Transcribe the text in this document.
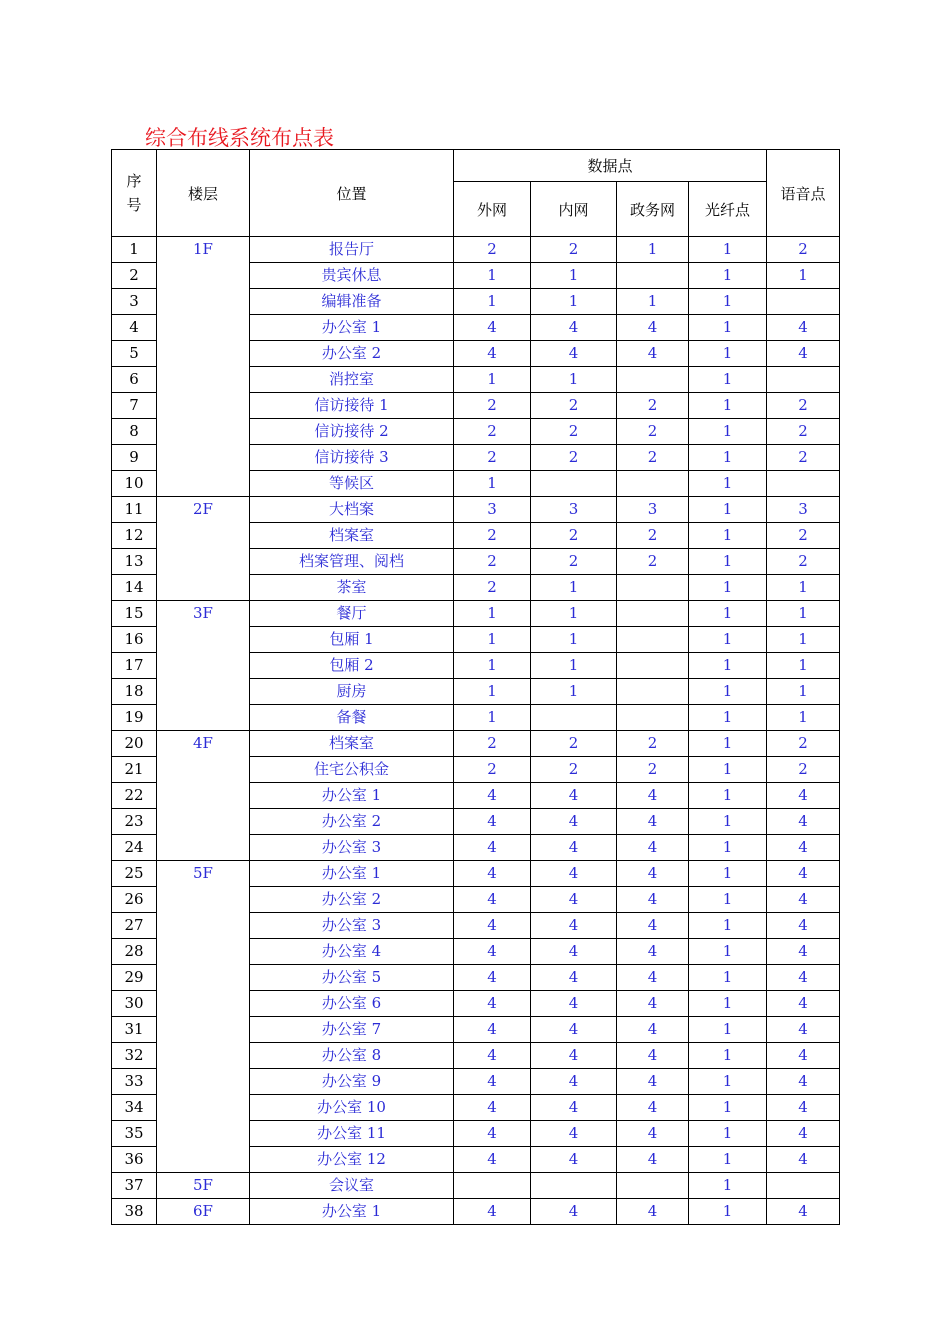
综合布线系统布点表
序号	楼层	位置	数据点				语音点
			外网	内网	政务网	光纤点	
1	1F	报告厅	2	2	1	1	2
2		贵宾休息	1	1		1	1
3		编辑准备	1	1	1	1	
4		办公室 1	4	4	4	1	4
5		办公室 2	4	4	4	1	4
6		消控室	1	1		1	
7		信访接待 1	2	2	2	1	2
8		信访接待 2	2	2	2	1	2
9		信访接待 3	2	2	2	1	2
10		等候区	1			1	
11	2F	大档案	3	3	3	1	3
12		档案室	2	2	2	1	2
13		档案管理、阅档	2	2	2	1	2
14		茶室	2	1		1	1
15	3F	餐厅	1	1		1	1
16		包厢 1	1	1		1	1
17		包厢 2	1	1		1	1
18		厨房	1	1		1	1
19		备餐	1			1	1
20	4F	档案室	2	2	2	1	2
21		住宅公积金	2	2	2	1	2
22		办公室 1	4	4	4	1	4
23		办公室 2	4	4	4	1	4
24		办公室 3	4	4	4	1	4
25	5F	办公室 1	4	4	4	1	4
26		办公室 2	4	4	4	1	4
27		办公室 3	4	4	4	1	4
28		办公室 4	4	4	4	1	4
29		办公室 5	4	4	4	1	4
30		办公室 6	4	4	4	1	4
31		办公室 7	4	4	4	1	4
32		办公室 8	4	4	4	1	4
33		办公室 9	4	4	4	1	4
34		办公室 10	4	4	4	1	4
35		办公室 11	4	4	4	1	4
36		办公室 12	4	4	4	1	4
37	5F	会议室				1	
38	6F	办公室 1	4	4	4	1	4
